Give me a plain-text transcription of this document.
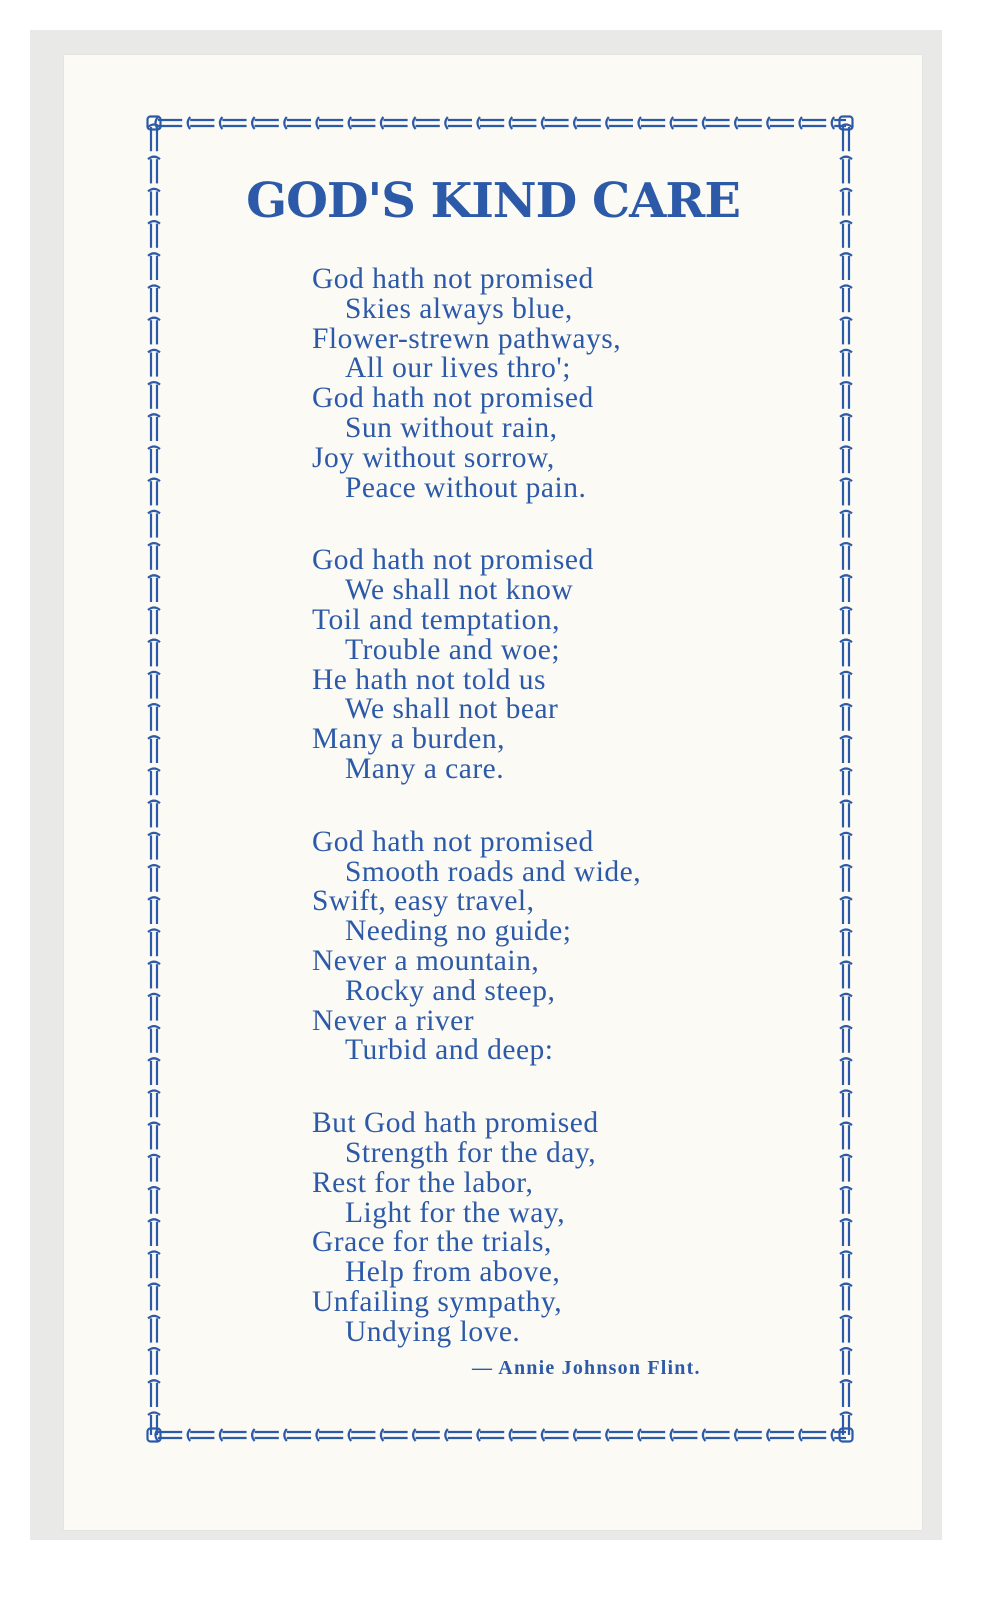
GOD'S KIND CARE
God hath not promised
Skies always blue,
Flower-strewn pathways,
All our lives thro';
God hath not promised
Sun without rain,
Joy without sorrow,
Peace without pain.
God hath not promised
We shall not know
Toil and temptation,
Trouble and woe;
He hath not told us
We shall not bear
Many a burden,
Many a care.
God hath not promised
Smooth roads and wide,
Swift, easy travel,
Needing no guide;
Never a mountain,
Rocky and steep,
Never a river
Turbid and deep:
But God hath promised
Strength for the day,
Rest for the labor,
Light for the way,
Grace for the trials,
Help from above,
Unfailing sympathy,
Undying love.
— Annie Johnson Flint.
